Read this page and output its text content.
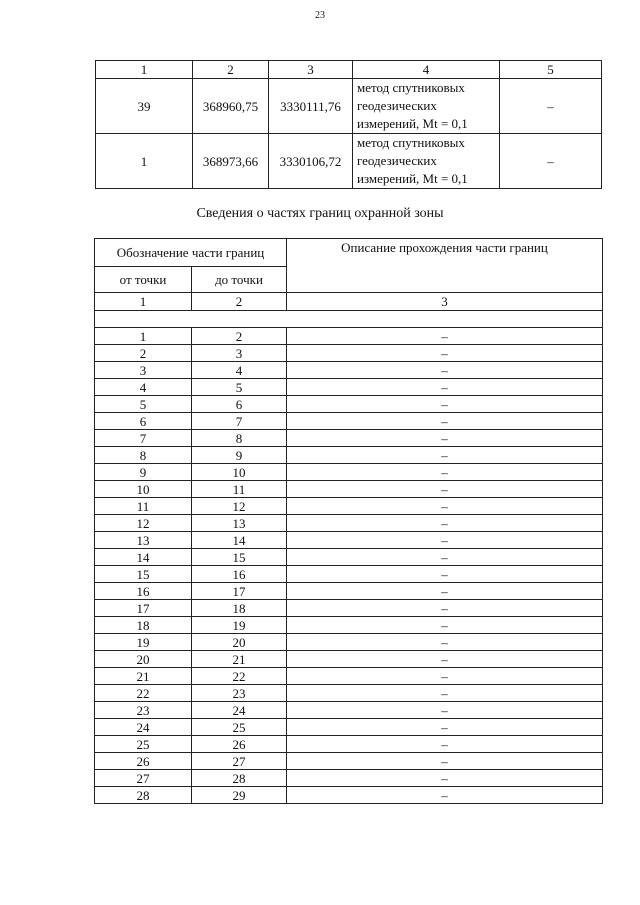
23
1	2	3	4	5
39	368960,75	3330111,76	метод спутниковых
геодезических
измерений, Mt = 0,1	–
1	368973,66	3330106,72	метод спутниковых
геодезических
измерений, Mt = 0,1	–
Сведения о частях границ охранной зоны
Обозначение части границ		Описание прохождения части границ
от точки	до точки	
1	2	3

1	2	–
2	3	–
3	4	–
4	5	–
5	6	–
6	7	–
7	8	–
8	9	–
9	10	–
10	11	–
11	12	–
12	13	–
13	14	–
14	15	–
15	16	–
16	17	–
17	18	–
18	19	–
19	20	–
20	21	–
21	22	–
22	23	–
23	24	–
24	25	–
25	26	–
26	27	–
27	28	–
28	29	–
